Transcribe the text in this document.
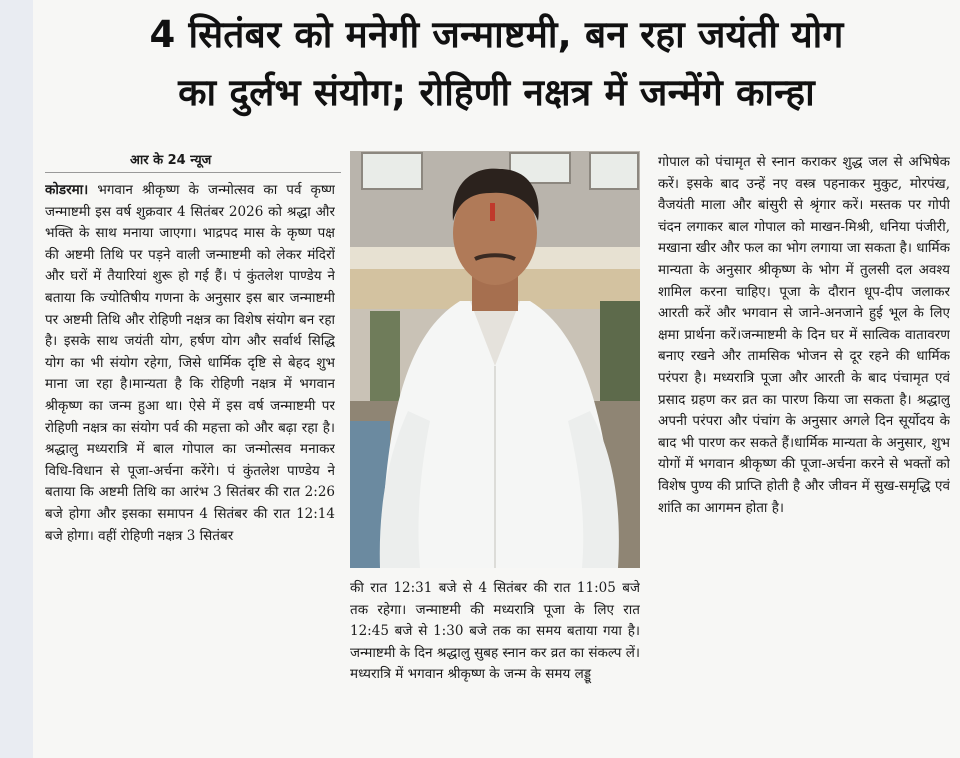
4 सितंबर को मनेगी जन्माष्टमी, बन रहा जयंती योग
का दुर्लभ संयोग; रोहिणी नक्षत्र में जन्मेंगे कान्हा
आर के 24 न्यूज
कोडरमा। भगवान श्रीकृष्ण के जन्मोत्सव का पर्व कृष्ण जन्माष्टमी इस वर्ष शुक्रवार 4 सितंबर 2026 को श्रद्धा और भक्ति के साथ मनाया जाएगा। भाद्रपद मास के कृष्ण पक्ष की अष्टमी तिथि पर पड़ने वाली जन्माष्टमी को लेकर मंदिरों और घरों में तैयारियां शुरू हो गई हैं। पं कुंतलेश पाण्डेय ने बताया कि ज्योतिषीय गणना के अनुसार इस बार जन्माष्टमी पर अष्टमी तिथि और रोहिणी नक्षत्र का विशेष संयोग बन रहा है। इसके साथ जयंती योग, हर्षण योग और सर्वार्थ सिद्धि योग का भी संयोग रहेगा, जिसे धार्मिक दृष्टि से बेहद शुभ माना जा रहा है।मान्यता है कि रोहिणी नक्षत्र में भगवान श्रीकृष्ण का जन्म हुआ था। ऐसे में इस वर्ष जन्माष्टमी पर रोहिणी नक्षत्र का संयोग पर्व की महत्ता को और बढ़ा रहा है। श्रद्धालु मध्यरात्रि में बाल गोपाल का जन्मोत्सव मनाकर विधि-विधान से पूजा-अर्चना करेंगे। पं कुंतलेश पाण्डेय ने बताया कि अष्टमी तिथि का आरंभ 3 सितंबर की रात 2:26 बजे होगा और इसका समापन 4 सितंबर की रात 12:14 बजे होगा। वहीं रोहिणी नक्षत्र 3 सितंबर
की रात 12:31 बजे से 4 सितंबर की रात 11:05 बजे तक रहेगा। जन्माष्टमी की मध्यरात्रि पूजा के लिए रात 12:45 बजे से 1:30 बजे तक का समय बताया गया है।जन्माष्टमी के दिन श्रद्धालु सुबह स्नान कर व्रत का संकल्प लें। मध्यरात्रि में भगवान श्रीकृष्ण के जन्म के समय लड्डू
गोपाल को पंचामृत से स्नान कराकर शुद्ध जल से अभिषेक करें। इसके बाद उन्हें नए वस्त्र पहनाकर मुकुट, मोरपंख, वैजयंती माला और बांसुरी से श्रृंगार करें। मस्तक पर गोपी चंदन लगाकर बाल गोपाल को माखन-मिश्री, धनिया पंजीरी, मखाना खीर और फल का भोग लगाया जा सकता है। धार्मिक मान्यता के अनुसार श्रीकृष्ण के भोग में तुलसी दल अवश्य शामिल करना चाहिए। पूजा के दौरान धूप-दीप जलाकर आरती करें और भगवान से जाने-अनजाने हुई भूल के लिए क्षमा प्रार्थना करें।जन्माष्टमी के दिन घर में सात्विक वातावरण बनाए रखने और तामसिक भोजन से दूर रहने की धार्मिक परंपरा है। मध्यरात्रि पूजा और आरती के बाद पंचामृत एवं प्रसाद ग्रहण कर व्रत का पारण किया जा सकता है। श्रद्धालु अपनी परंपरा और पंचांग के अनुसार अगले दिन सूर्योदय के बाद भी पारण कर सकते हैं।धार्मिक मान्यता के अनुसार, शुभ योगों में भगवान श्रीकृष्ण की पूजा-अर्चना करने से भक्तों को विशेष पुण्य की प्राप्ति होती है और जीवन में सुख-समृद्धि एवं शांति का आगमन होता है।
